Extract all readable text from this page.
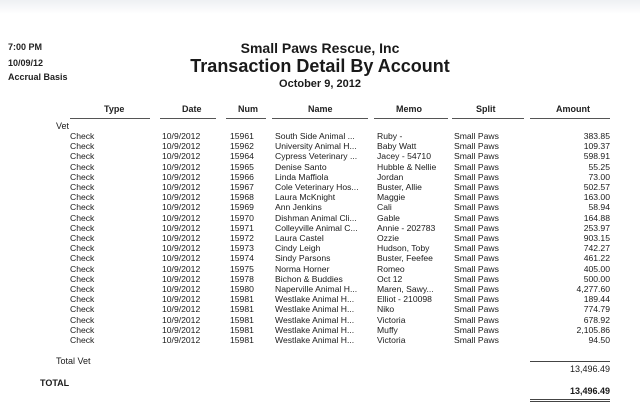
7:00 PM
10/09/12
Accrual Basis
Small Paws Rescue, Inc
Transaction Detail By Account
October 9, 2012
Type	Date	Num	Name	Memo	Split	Amount
Vet
Check	10/9/2012	15961 South Side Animal ...	Ruby -	Small Paws	383.85
Check	10/9/2012	15962 University Animal H...	Baby Watt	Small Paws	109.37
Check	10/9/2012	15964 Cypress Veterinary ...	Jacey - 54710	Small Paws	598.91
Check	10/9/2012	15965 Denise Santo	Hubble & Nellie	Small Paws	55.25
Check	10/9/2012	15966 Linda Maffiola	Jordan	Small Paws	73.00
Check	10/9/2012	15967 Cole Veterinary Hos...	Buster, Allie	Small Paws	502.57
Check	10/9/2012	15968 Laura McKnight	Maggie	Small Paws	163.00
Check	10/9/2012	15969 Ann Jenkins	Cali	Small Paws	58.94
Check	10/9/2012	15970 Dishman Animal Cli...	Gable	Small Paws	164.88
Check	10/9/2012	15971 Colleyville Animal C...	Annie - 202783	Small Paws	253.97
Check	10/9/2012	15972 Laura Castel	Ozzie	Small Paws	903.15
Check	10/9/2012	15973 Cindy Leigh	Hudson, Toby	Small Paws	742.27
Check	10/9/2012	15974 Sindy Parsons	Buster, Feefee	Small Paws	461.22
Check	10/9/2012	15975 Norma Horner	Romeo	Small Paws	405.00
Check	10/9/2012	15978 Bichon & Buddies	Oct 12	Small Paws	500.00
Check	10/9/2012	15980 Naperville Animal H...	Maren, Sawy...	Small Paws	4,277.60
Check	10/9/2012	15981 Westlake Animal H...	Elliot - 210098	Small Paws	189.44
Check	10/9/2012	15981 Westlake Animal H...	Niko	Small Paws	774.79
Check	10/9/2012	15981 Westlake Animal H...	Victoria	Small Paws	678.92
Check	10/9/2012	15981 Westlake Animal H...	Muffy	Small Paws	2,105.86
Check	10/9/2012	15981 Westlake Animal H...	Victoria	Small Paws	94.50
Total Vet
13,496.49
TOTAL
13,496.49
